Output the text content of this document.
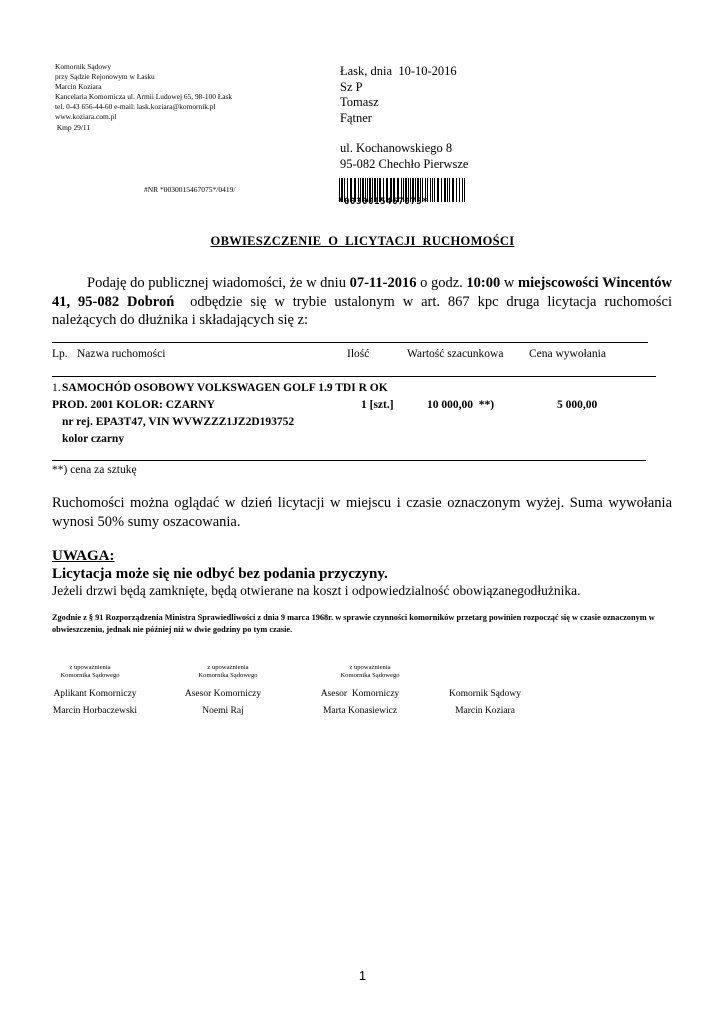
Komornik Sądowy
przy Sądzie Rejonowym w Łasku
Marcin Koziara
Kancelaria Komornicza ul. Armii Ludowej 65, 98-100 Łask
tel. 0-43 656-44-60 e-mail: lask.koziara@komornik.pl
www.koziara.com.pl
Kmp 29/11
Łask, dnia  10-10-2016
Sz P
Tomasz
Fątner
ul. Kochanowskiego 8
95-082 Chechło Pierwsze
#NR *0030015467075*/0419/
*0030015467075*
OBWIESZCZENIE  O  LICYTACJI  RUCHOMOŚCI
Podaję do publicznej wiadomości, że w dniu 07-11-2016 o godz. 10:00 w miejscowości Wincentów 41, 95-082 Dobroń  odbędzie się w trybie ustalonym w art. 867 kpc druga licytacja ruchomości należących do dłużnika i składających się z:
Lp. Nazwa ruchomości	Ilość	Wartość szacunkowa Cena wywołania
1. SAMOCHÓD OSOBOWY VOLKSWAGEN GOLF 1.9 TDI R OK
PROD. 2001 KOLOR: CZARNY
nr rej. EPA3T47, VIN WVWZZZ1JZ2D193752
kolor czarny
1 [szt.]	10 000,00  **)	5 000,00
**) cena za sztukę
Ruchomości można oglądać w dzień licytacji w miejscu i czasie oznaczonym wyżej. Suma wywołania wynosi 50% sumy oszacowania.
UWAGA:
Licytacja może się nie odbyć bez podania przyczyny.
Jeżeli drzwi będą zamknięte, będą otwierane na koszt i odpowiedzialność obowiązanegodłużnika.
Zgodnie z § 91 Rozporządzenia Ministra Sprawiedliwości z dnia 9 marca 1968r. w sprawie czynności komorników przetarg powinien rozpocząć się w czasie oznaczonym w obwieszczeniu, jednak nie później niż w dwie godziny po tym czasie.
z upoważnienia
Komornika Sądowego
z upoważnienia
Komornika Sądowego
z upoważnienia
Komornika Sądowego
Aplikant Komorniczy
Marcin Horbaczewski
Asesor Komorniczy
Noemi Raj
Asesor  Komorniczy
Marta Konasiewicz
Komornik Sądowy
Marcin Koziara
1
